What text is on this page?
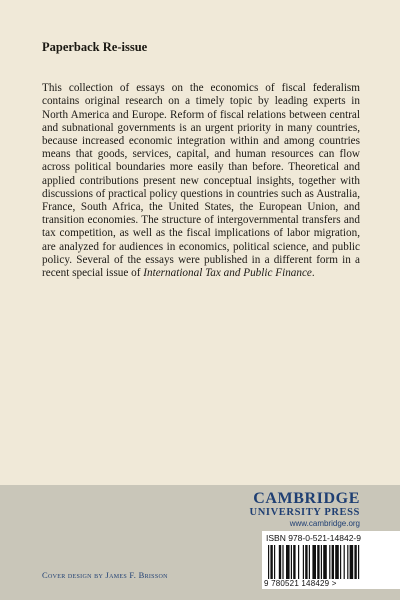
Paperback Re-issue

This collection of essays on the economics of fiscal federalism contains original research on a timely topic by leading experts in North America and Europe. Reform of fiscal relations between central and subnational governments is an urgent priority in many countries, because increased economic integration within and among countries means that goods, services, capital, and human resources can flow across political boundaries more easily than before. Theoretical and applied contributions present new conceptual insights, together with discussions of practical policy questions in countries such as Australia, France, South Africa, the United States, the European Union, and transition economies. The structure of intergovernmental transfers and tax competition, as well as the fiscal implications of labor migration, are analyzed for audiences in economics, political science, and public policy. Several of the essays were published in a different form in a recent special issue of International Tax and Public Finance.

CAMBRIDGE
UNIVERSITY PRESS
www.cambridge.org
ISBN 978-0-521-14842-9
9 780521 148429 >
Cover design by James F. Brisson
